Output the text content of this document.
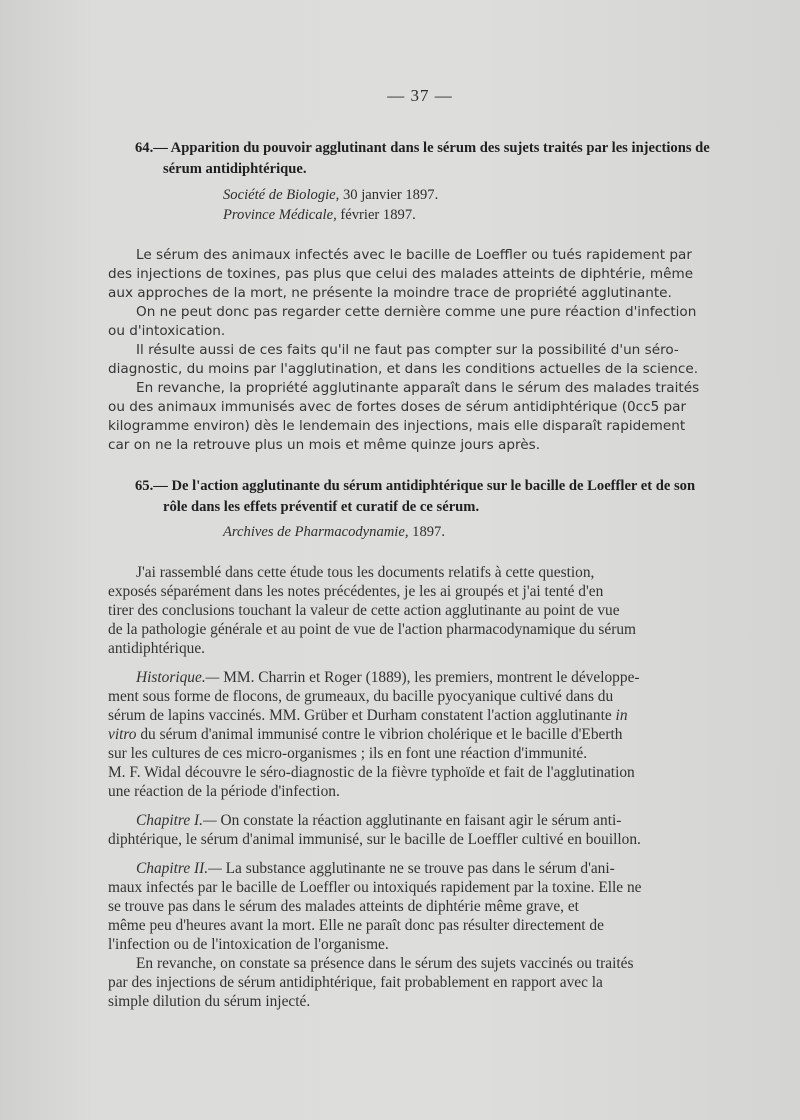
— 37 —
64.— Apparition du pouvoir agglutinant dans le sérum des sujets traités par les injections de
sérum antidiphtérique.
Société de Biologie, 30 janvier 1897.
Province Médicale, février 1897.

Le sérum des animaux infectés avec le bacille de Loeffler ou tués rapidement par

des injections de toxines, pas plus que celui des malades atteints de diphtérie, même
aux approches de la mort, ne présente la moindre trace de propriété agglutinante.

On ne peut donc pas regarder cette dernière comme une pure réaction d'infection

ou d'intoxication.

Il résulte aussi de ces faits qu'il ne faut pas compter sur la possibilité d'un séro-

diagnostic, du moins par l'agglutination, et dans les conditions actuelles de la science.

En revanche, la propriété agglutinante apparaît dans le sérum des malades traités

ou des animaux immunisés avec de fortes doses de sérum antidiphtérique (0cc5 par
kilogramme environ) dès le lendemain des injections, mais elle disparaît rapidement
car on ne la retrouve plus un mois et même quinze jours après.

65.— De l'action agglutinante du sérum antidiphtérique sur le bacille de Loeffler et de son
rôle dans les effets préventif et curatif de ce sérum.
Archives de Pharmacodynamie, 1897.

J'ai rassemblé dans cette étude tous les documents relatifs à cette question,

exposés séparément dans les notes précédentes, je les ai groupés et j'ai tenté d'en
tirer des conclusions touchant la valeur de cette action agglutinante au point de vue
de la pathologie générale et au point de vue de l'action pharmacodynamique du sérum
antidiphtérique.

Historique.— MM. Charrin et Roger (1889), les premiers, montrent le développe-

ment sous forme de flocons, de grumeaux, du bacille pyocyanique cultivé dans du
sérum de lapins vaccinés. MM. Grüber et Durham constatent l'action agglutinante in
vitro du sérum d'animal immunisé contre le vibrion cholérique et le bacille d'Eberth
sur les cultures de ces micro-organismes ; ils en font une réaction d'immunité.
M. F. Widal découvre le séro-diagnostic de la fièvre typhoïde et fait de l'agglutination
une réaction de la période d'infection.

Chapitre I.— On constate la réaction agglutinante en faisant agir le sérum anti-

diphtérique, le sérum d'animal immunisé, sur le bacille de Loeffler cultivé en bouillon.

Chapitre II.— La substance agglutinante ne se trouve pas dans le sérum d'ani-

maux infectés par le bacille de Loeffler ou intoxiqués rapidement par la toxine. Elle ne
se trouve pas dans le sérum des malades atteints de diphtérie même grave, et
même peu d'heures avant la mort. Elle ne paraît donc pas résulter directement de
l'infection ou de l'intoxication de l'organisme.

En revanche, on constate sa présence dans le sérum des sujets vaccinés ou traités

par des injections de sérum antidiphtérique, fait probablement en rapport avec la
simple dilution du sérum injecté.
